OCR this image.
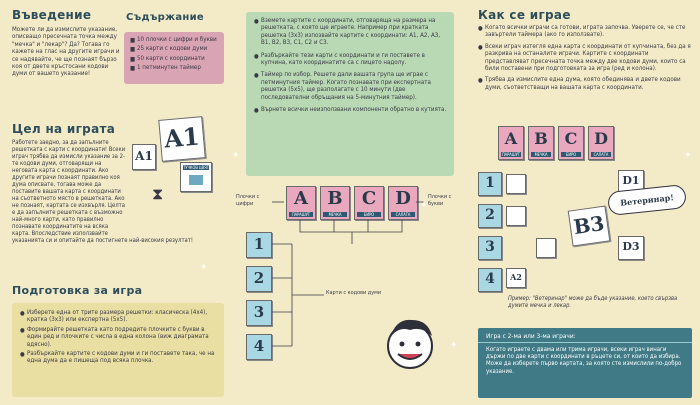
Въведение
Можете ли да измислите указание, описващо пресечната точка между "мечка" и "лекар"? Да? Тогава го кажете на глас на другите играчи и се надявайте, че ще познаят бързо коя от двете кръстосани кодови думи от вашето указание!
Съдържание
■ 10 плочки с цифри и букви
■ 25 карти с кодови думи
■ 50 карти с координати
■ 1 петминутен таймер
Цел на играта A1
A1
ТУЧКОВ ЦВЯТ
⧗
Работете заедно, за да запълните решетката с карти с координати! Всеки играч трябва да измисли указание за 2-те кодови думи, отговарящи на неговата карта с координати. Ако другите играчи познаят правилно коя дума описвате, тогава може да поставите вашата карта с координати на съответното място в решетката. Ако не познаят, картата се изхвърля. Целта е да запълните решетката с възможно най-много карти, като правилно познавате координатите на всяка карта. Впоследствие използвайте указанията си и опитайте да постигнете най-високия резултат!
Подготовка за игра
● Изберете една от трите размера решетки: класическа (4x4), кратка (3x3) или експертна (5x5).
● Формирайте решетката като подредите плочките с букви в един ред и плочките с числа в една колона (виж диаграмата вдясно).
● Разбъркайте картите с кодови думи и ги поставете така, че на една дума да е пишеща под всяка плочка.
● Вземете картите с координати, отговаряща на размера на решетката, с която ще играете. Например при кратката решетка (3x3) изпозвайте картите с координати: A1, A2, A3, B1, B2, B3, C1, C2 и C3.
● Разбъркайте тези карти с координати и ги поставете в купчина, като координатите са с лицето надолу.
● Таймер по избор. Решете дали вашата група ще играе с петминутния таймер. Когато познавате при експертната решетка (5x5), ще разполагате с 10 минути (две последователни обръщания на 5-минутния таймер).
● Върнете всички неизползвани компоненти обратно в кутията.
Плочки с цифри
Плочки с букви
A
ПАРАШУТ
B
МЕЧКА
C
БИРО
D
САЛАТА
1
2
3
4
Карти с кодови думи
Как се играе
● Когато всички играчи са готови, играта започва. Уверете се, че сте завъртели таймера (ако го използвате).
● Всеки играч изтегля една карта с координати от купчината, без да я разкрива на останалите играчи. Картите с координати представляват пресечната точка между две кодови думи, които са били поставени при подготовката за игра (ред и колона).
● Трябва да измислите една дума, която обединява и двете кодови думи, съответстващи на вашата карта с координати.
A
ПАРАШУТ
B
МЕЧКА
C
БИРО
D
САЛАТА
1
2
3
4	A2
D1
B3
D3
Ветеринар!
Пример: "Ветеринар" може да бъде указание, което свързва думите мечка и лекар.
Игра с 2-ма или 3-ма играчи:
Когато играете с двама или трима играчи, всеки играч винаги държи по две карти с координати в ръцете си, от които да избира. Може да изберете първо картата, за която сте измислили по-добро указание.
✦
✦
✦
✦
✦
